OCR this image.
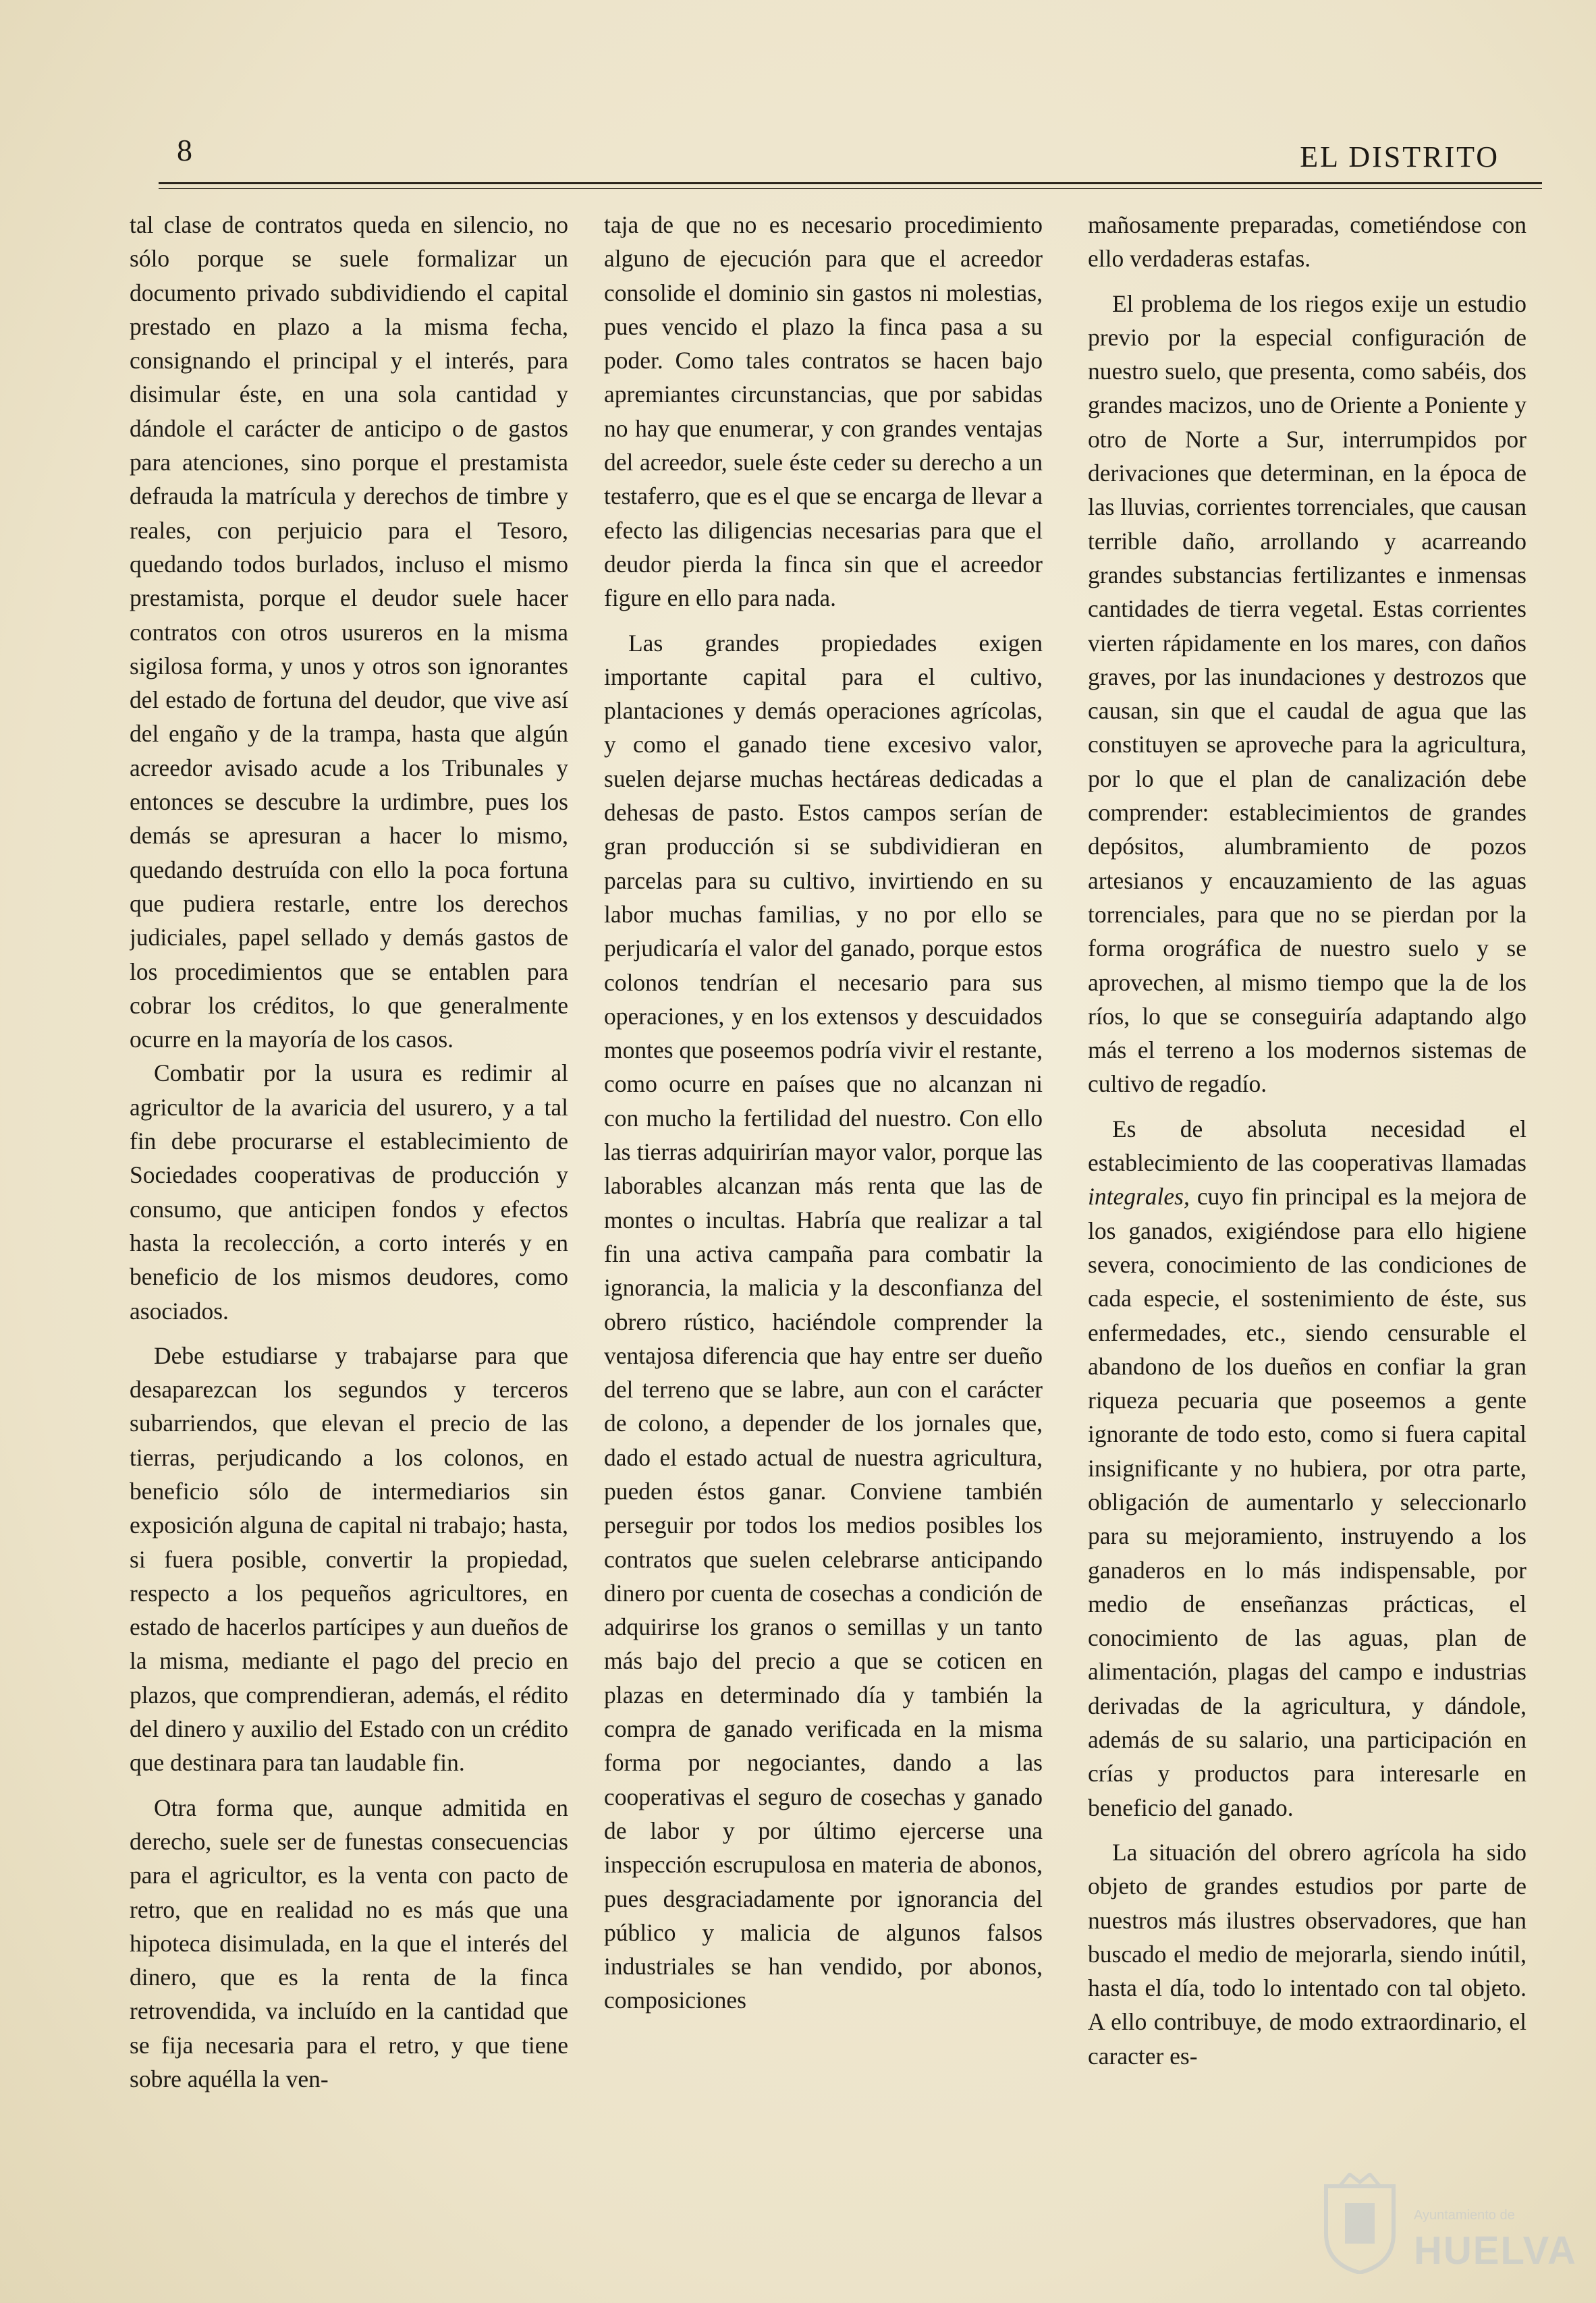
8	EL DISTRITO

tal clase de contratos queda en silencio, no sólo porque se suele formalizar un documento privado subdividiendo el capital prestado en plazo a la misma fecha, consignando el principal y el interés, para disimular éste, en una sola cantidad y dándole el carácter de anticipo o de gastos para atenciones, sino porque el prestamista defrauda la matrícula y derechos de timbre y reales, con perjuicio para el Tesoro, quedando todos burlados, incluso el mismo prestamista, porque el deudor suele hacer contratos con otros usureros en la misma sigilosa forma, y unos y otros son ignorantes del estado de fortuna del deudor, que vive así del engaño y de la trampa, hasta que algún acreedor avisado acude a los Tribunales y entonces se descubre la urdimbre, pues los demás se apresuran a hacer lo mismo, quedando destruída con ello la poca fortuna que pudiera restarle, entre los derechos judiciales, papel sellado y demás gastos de los procedimientos que se entablen para cobrar los créditos, lo que generalmente ocurre en la mayoría de los casos.

Combatir por la usura es redimir al agricultor de la avaricia del usurero, y a tal fin debe procurarse el establecimiento de Sociedades cooperativas de producción y consumo, que anticipen fondos y efectos hasta la recolección, a corto interés y en beneficio de los mismos deudores, como asociados.

Debe estudiarse y trabajarse para que desaparezcan los segundos y terceros subarriendos, que elevan el precio de las tierras, perjudicando a los colonos, en beneficio sólo de intermediarios sin exposición alguna de capital ni trabajo; hasta, si fuera posible, convertir la propiedad, respecto a los pequeños agricultores, en estado de hacerlos partícipes y aun dueños de la misma, mediante el pago del precio en plazos, que comprendieran, además, el rédito del dinero y auxilio del Estado con un crédito que destinara para tan laudable fin.

Otra forma que, aunque admitida en derecho, suele ser de funestas consecuencias para el agricultor, es la venta con pacto de retro, que en realidad no es más que una hipoteca disimulada, en la que el interés del dinero, que es la renta de la finca retrovendida, va incluído en la cantidad que se fija necesaria para el retro, y que tiene sobre aquélla la ven-

taja de que no es necesario procedimiento alguno de ejecución para que el acreedor consolide el dominio sin gastos ni molestias, pues vencido el plazo la finca pasa a su poder. Como tales contratos se hacen bajo apremiantes circunstancias, que por sabidas no hay que enumerar, y con grandes ventajas del acreedor, suele éste ceder su derecho a un testaferro, que es el que se encarga de llevar a efecto las diligencias necesarias para que el deudor pierda la finca sin que el acreedor figure en ello para nada.

Las grandes propiedades exigen importante capital para el cultivo, plantaciones y demás operaciones agrícolas, y como el ganado tiene excesivo valor, suelen dejarse muchas hectáreas dedicadas a dehesas de pasto. Estos campos serían de gran producción si se subdividieran en parcelas para su cultivo, invirtiendo en su labor muchas familias, y no por ello se perjudicaría el valor del ganado, porque estos colonos tendrían el necesario para sus operaciones, y en los extensos y descuidados montes que poseemos podría vivir el restante, como ocurre en países que no alcanzan ni con mucho la fertilidad del nuestro. Con ello las tierras adquirirían mayor valor, porque las laborables alcanzan más renta que las de montes o incultas. Habría que realizar a tal fin una activa campaña para combatir la ignorancia, la malicia y la desconfianza del obrero rústico, haciéndole comprender la ventajosa diferencia que hay entre ser dueño del terreno que se labre, aun con el carácter de colono, a depender de los jornales que, dado el estado actual de nuestra agricultura, pueden éstos ganar. Conviene también perseguir por todos los medios posibles los contratos que suelen celebrarse anticipando dinero por cuenta de cosechas a condición de adquirirse los granos o semillas y un tanto más bajo del precio a que se coticen en plazas en determinado día y también la compra de ganado verificada en la misma forma por negociantes, dando a las cooperativas el seguro de cosechas y ganado de labor y por último ejercerse una inspección escrupulosa en materia de abonos, pues desgraciadamente por ignorancia del público y malicia de algunos falsos industriales se han vendido, por abonos, composiciones

mañosamente preparadas, cometiéndose con ello verdaderas estafas.

El problema de los riegos exije un estudio previo por la especial configuración de nuestro suelo, que presenta, como sabéis, dos grandes macizos, uno de Oriente a Poniente y otro de Norte a Sur, interrumpidos por derivaciones que determinan, en la época de las lluvias, corrientes torrenciales, que causan terrible daño, arrollando y acarreando grandes substancias fertilizantes e inmensas cantidades de tierra vegetal. Estas corrientes vierten rápidamente en los mares, con daños graves, por las inundaciones y destrozos que causan, sin que el caudal de agua que las constituyen se aproveche para la agricultura, por lo que el plan de canalización debe comprender: establecimientos de grandes depósitos, alumbramiento de pozos artesianos y encauzamiento de las aguas torrenciales, para que no se pierdan por la forma orográfica de nuestro suelo y se aprovechen, al mismo tiempo que la de los ríos, lo que se conseguiría adaptando algo más el terreno a los modernos sistemas de cultivo de regadío.

Es de absoluta necesidad el establecimiento de las cooperativas llamadas integrales, cuyo fin principal es la mejora de los ganados, exigiéndose para ello higiene severa, conocimiento de las condiciones de cada especie, el sostenimiento de éste, sus enfermedades, etc., siendo censurable el abandono de los dueños en confiar la gran riqueza pecuaria que poseemos a gente ignorante de todo esto, como si fuera capital insignificante y no hubiera, por otra parte, obligación de aumentarlo y seleccionarlo para su mejoramiento, instruyendo a los ganaderos en lo más indispensable, por medio de enseñanzas prácticas, el conocimiento de las aguas, plan de alimentación, plagas del campo e industrias derivadas de la agricultura, y dándole, además de su salario, una participación en crías y productos para interesarle en beneficio del ganado.

La situación del obrero agrícola ha sido objeto de grandes estudios por parte de nuestros más ilustres observadores, que han buscado el medio de mejorarla, siendo inútil, hasta el día, todo lo intentado con tal objeto. A ello contribuye, de modo extraordinario, el caracter es-

Ayuntamiento de
HUELVA
